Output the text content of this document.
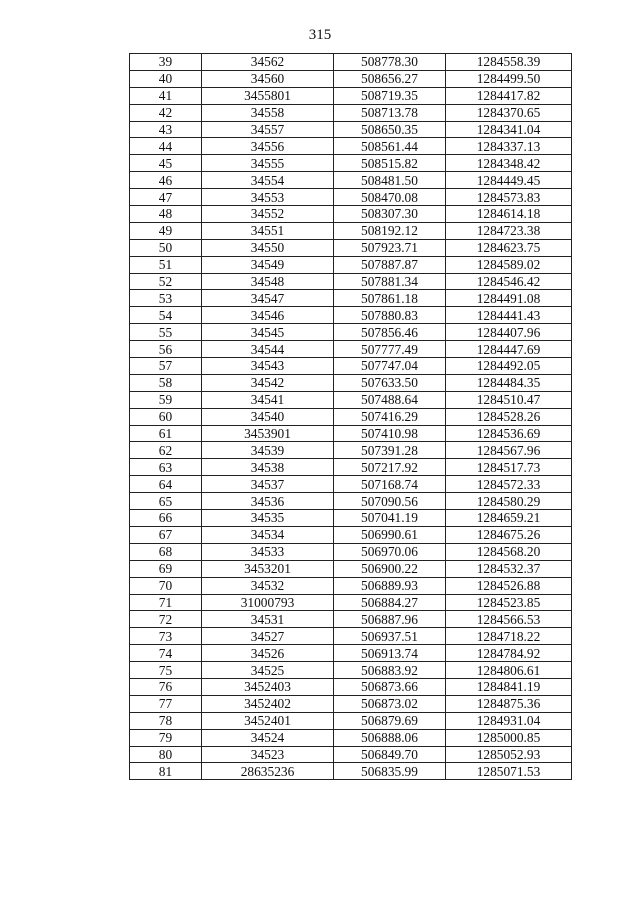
315
39	34562	508778.30	1284558.39
40	34560	508656.27	1284499.50
41	3455801	508719.35	1284417.82
42	34558	508713.78	1284370.65
43	34557	508650.35	1284341.04
44	34556	508561.44	1284337.13
45	34555	508515.82	1284348.42
46	34554	508481.50	1284449.45
47	34553	508470.08	1284573.83
48	34552	508307.30	1284614.18
49	34551	508192.12	1284723.38
50	34550	507923.71	1284623.75
51	34549	507887.87	1284589.02
52	34548	507881.34	1284546.42
53	34547	507861.18	1284491.08
54	34546	507880.83	1284441.43
55	34545	507856.46	1284407.96
56	34544	507777.49	1284447.69
57	34543	507747.04	1284492.05
58	34542	507633.50	1284484.35
59	34541	507488.64	1284510.47
60	34540	507416.29	1284528.26
61	3453901	507410.98	1284536.69
62	34539	507391.28	1284567.96
63	34538	507217.92	1284517.73
64	34537	507168.74	1284572.33
65	34536	507090.56	1284580.29
66	34535	507041.19	1284659.21
67	34534	506990.61	1284675.26
68	34533	506970.06	1284568.20
69	3453201	506900.22	1284532.37
70	34532	506889.93	1284526.88
71	31000793	506884.27	1284523.85
72	34531	506887.96	1284566.53
73	34527	506937.51	1284718.22
74	34526	506913.74	1284784.92
75	34525	506883.92	1284806.61
76	3452403	506873.66	1284841.19
77	3452402	506873.02	1284875.36
78	3452401	506879.69	1284931.04
79	34524	506888.06	1285000.85
80	34523	506849.70	1285052.93
81	28635236	506835.99	1285071.53
